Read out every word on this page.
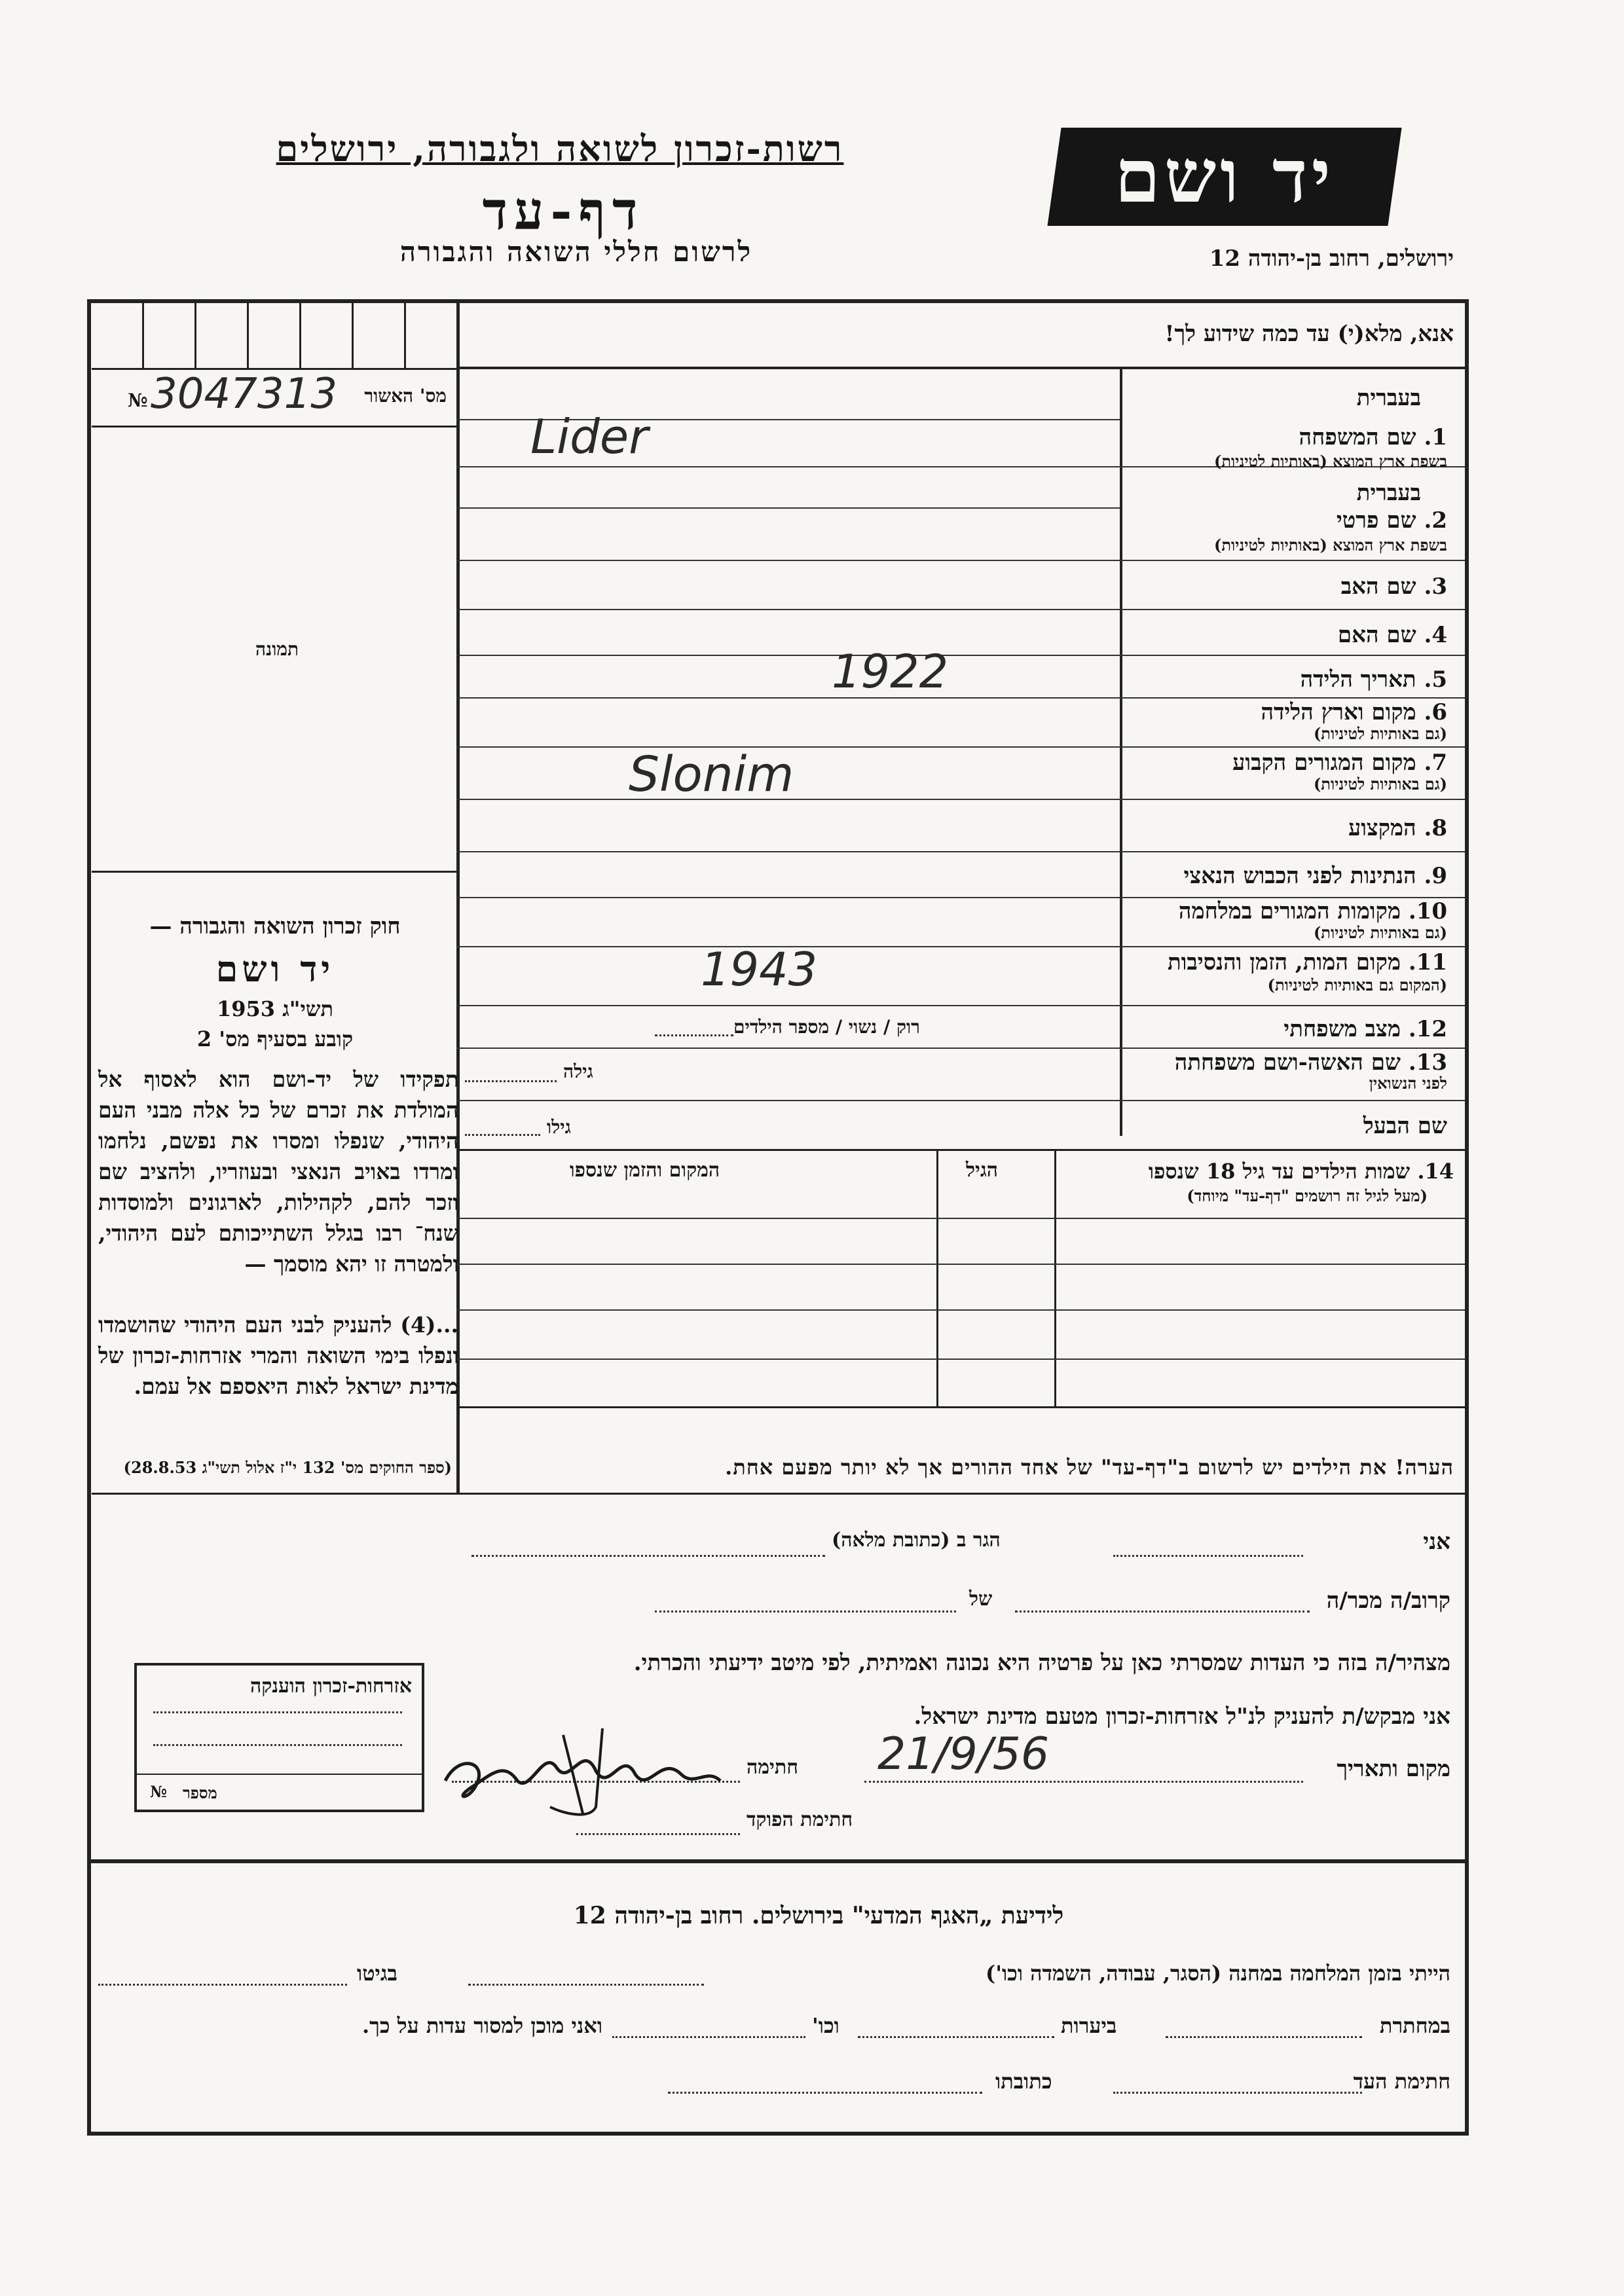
יד ושם
רשות-זכרון לשואה ולגבורה, ירושלים
דף-עד
לרשום חללי השואה והגבורה	ירושלים, רחוב בן-יהודה 12
מס' האשור
3047313
№
תמונה
אנא, מלא(י) עד כמה שידוע לך!
בעברית
1. שם המשפחה
בשפת ארץ המוצא (באותיות לטיניות)
בעברית
2. שם פרטי
בשפת ארץ המוצא (באותיות לטיניות)
3. שם האב
4. שם האם
5. תאריך הלידה
6. מקום וארץ הלידה
(גם באותיות לטיניות)
7. מקום המגורים הקבוע
(גם באותיות לטיניות)
8. המקצוע
9. הנתינות לפני הכבוש הנאצי
10. מקומות המגורים במלחמה
(גם באותיות לטיניות)
11. מקום המות, הזמן והנסיבות
(המקום גם באותיות לטיניות)
12. מצב משפחתי
13. שם האשה-ושם משפחתה
לפני הנשואין
שם הבעל
Lider
1922
Slonim
1943
רוק / נשוי / מספר הילדים
גילה
גילו
14. שמות הילדים עד גיל 18 שנספו
(מעל לגיל זה רושמים "דף-עד" מיוחד)
הגיל
המקום והזמן שנספו
חוק זכרון השואה והגבורה —
יד ושם
תשי"ג 1953
קובע בסעיף מס' 2
תפקידו של יד-ושם הוא לאסוף אל המולדת את זכרם של כל אלה מבני העם היהודי, שנפלו ומסרו את נפשם, נלחמו ומרדו באויב הנאצי ובעוזריו, ולהציב שם וזכר להם, לקהילות, לארגונים ולמוסדות שנח־ רבו בגלל השתייכותם לעם היהודי, ולמטרה זו יהא מוסמך —
...(4) להעניק לבני העם היהודי שהושמדו ונפלו בימי השואה והמרי אזרחות-זכרון של מדינת ישראל לאות היאספם אל עמם.
(ספר החוקים מס' 132 י"ז אלול תשי"ג 28.8.53)	הערה! את הילדים יש לרשום ב"דף-עד" של אחד ההורים אך לא יותר מפעם אחת.
אני
הגר ב (כתובת מלאה)
קרוב/ה מכר/ה
של
מצהיר/ה בזה כי העדות שמסרתי כאן על פרטיה היא נכונה ואמיתית, לפי מיטב ידיעתי והכרתי.
אני מבקש/ת להעניק לנ"ל אזרחות-זכרון מטעם מדינת ישראל.
מקום ותאריך
21/9/56
חתימה
חתימת הפוקד
אזרחות-זכרון הוענקה
מספר
№
לידיעת „האגף המדעי" בירושלים. רחוב בן-יהודה 12
הייתי בזמן המלחמה במחנה (הסגר, עבודה, השמדה וכו')
בגיטו
במחתרת
ביערות
וכו'
ואני מוכן למסור עדות על כך.
חתימת העד
כתובתו
